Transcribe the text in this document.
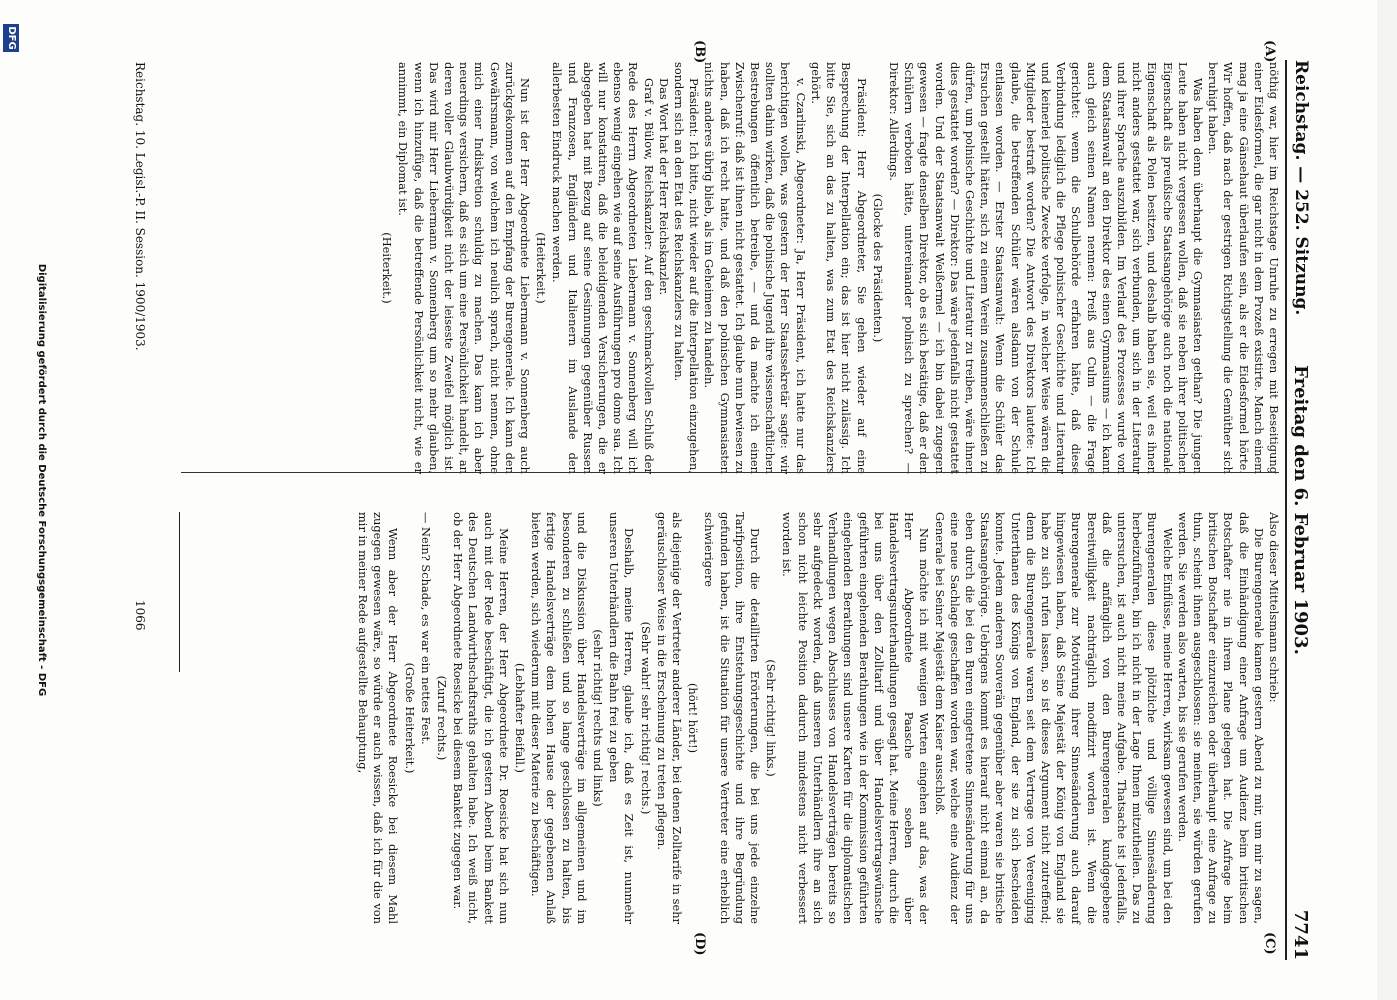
Reichstag. — 252. Sitzung.
Freitag den 6. Februar 1903.
7741
(A)
(B)
(C)
(D)

nöthig war, hier im Reichstage Unruhe zu erregen mit Beseitigung einer Eidesformel, die gar nicht in dem Prozeß existirte. Manch einem mag ja eine Gänsehaut überlaufen sein, als er die Eidesformel hörte. Wir hoffen, daß nach der gestrigen Richtigstellung die Gemüther sich beruhigt haben.

Was haben denn überhaupt die Gymnasiasten gethan? Die jungen Leute haben nicht vergessen wollen, daß sie neben ihrer politischen Eigenschaft als preußische Staatsangehörige auch noch die nationale Eigenschaft als Polen besitzen, und deshalb haben sie, weil es ihnen nicht anders gestattet war, sich verbunden, um sich in der Literatur und ihrer Sprache auszubilden. Im Verlauf des Prozesses wurde von dem Staatsanwalt an den Direktor des einen Gymnasiums — ich kann auch gleich seinen Namen nennen: Preiß aus Culm — die Frage gerichtet: wenn die Schulbehörde erfahren hätte, daß diese Verbindung lediglich die Pflege polnischer Geschichte und Literatur und keinerlei politische Zwecke verfolge, in welcher Weise wären die Mitglieder bestraft worden? Die Antwort des Direktors lautete: Ich glaube, die betreffenden Schüler wären alsdann von der Schule entlassen worden. — Erster Staatsanwalt: Wenn die Schüler das Ersuchen gestellt hätten, sich zu einem Verein zusammenschließen zu dürfen, um polnische Geschichte und Literatur zu treiben, wäre ihnen dies gestattet worden? — Direktor: Das wäre jedenfalls nicht gestattet worden. Und der Staatsanwalt Weißermel — ich bin dabei zugegen gewesen — fragte denselben Direktor, ob es sich bestätige, daß er den Schülern verboten hätte, untereinander polnisch zu sprechen? — Direktor: Allerdings.

(Glocke des Präsidenten.)

Präsident: Herr Abgeordneter, Sie gehen wieder auf eine Besprechung der Interpellation ein; das ist hier nicht zulässig. Ich bitte Sie, sich an das zu halten, was zum Etat des Reichskanzlers gehört.

v. Czarlinski, Abgeordneter: Ja, Herr Präsident, ich hatte nur das berichtigen wollen, was gestern der Herr Staatssekretär sagte: wir sollten dahin wirken, daß die polnische Jugend ihre wissenschaftlichen Bestrebungen öffentlich betreibe, — und da machte ich einen Zwischenruf: daß ist ihnen nicht gestattet. Ich glaube nun bewiesen zu haben, daß ich recht hatte, und daß den polnischen Gymnasiasten nichts anderes übrig blieb, als im Geheimen zu handeln.

Präsident: Ich bitte, nicht wieder auf die Interpellation einzugehen, sondern sich an den Etat des Reichskanzlers zu halten.

Das Wort hat der Herr Reichskanzler.

Graf v. Bülow, Reichskanzler: Auf den geschmackvollen Schluß der Rede des Herrn Abgeordneten Liebermann v. Sonnenberg will ich ebenso wenig eingehen wie auf seine Ausführungen pro domo sua. Ich will nur konstatiren, daß die beleidigenden Versicherungen, die er abgegeben hat mit Bezug auf seine Gesinnungen gegenüber Russen und Franzosen, Engländern und Italienern im Auslande den allerbesten Eindruck machen werden.

(Heiterkeit.)

Nun ist der Herr Abgeordnete Liebermann v. Sonnenberg auch zurückgekommen auf den Empfang der Burengenerale. Ich kann den Gewährsmann, von welchem ich neulich sprach, nicht nennen, ohne mich einer Indiskretion schuldig zu machen. Das kann ich aber neuerdings versichern, daß es sich um eine Persönlichkeit handelt, an deren voller Glaubwürdigkeit nicht der leiseste Zweifel möglich ist. Das wird mir Herr Liebermann v. Sonnenberg um so mehr glauben, wenn ich hinzufüge, daß die betreffende Persönlichkeit nicht, wie er annimmt, ein Diplomat ist.

(Heiterkeit.)

Also dieser Mittelsmann schrieb:

Die Burengenerale kamen gestern Abend zu mir, um mir zu sagen, daß die Einhändigung einer Anfrage um Audienz beim britischen Botschafter nie in ihrem Plane gelegen hat. Die Anfrage beim britischen Botschafter einzureichen oder überhaupt eine Anfrage zu thun, scheint ihnen ausgeschlossen: sie meinten, sie würden gerufen werden. Sie werden also warten, bis sie gerufen werden.

Welche Einflüsse, meine Herren, wirksam gewesen sind, um bei den Burengeneralen diese plötzliche und völlige Sinnesänderung herbeizuführen, bin ich nicht in der Lage Ihnen mitzutheilen. Das zu untersuchen, ist auch nicht meine Aufgabe. Thatsache ist jedenfalls, daß die anfänglich von den Burengeneralen kundgegebene Bereitwilligkeit nachträglich modifizirt worden ist. Wenn die Burengenerale zur Motivirung ihrer Sinnesänderung auch darauf hingewiesen haben, daß Seine Majestät der König von England sie habe zu sich rufen lassen, so ist dieses Argument nicht zutreffend; denn die Burengenerale waren seit dem Vertrage von Vereeniging Unterthanen des Königs von England, der sie zu sich bescheiden konnte. Jedem anderen Souverän gegenüber aber waren sie britische Staatsangehörige. Uebrigens kommt es hierauf nicht einmal an, da eben durch die bei den Buren eingetretene Sinnesänderung für uns eine neue Sachlage geschaffen worden war, welche eine Audienz der Generale bei Seiner Majestät dem Kaiser ausschloß.

Nun möchte ich mit wenigen Worten eingehen auf das, was der Herr Abgeordnete Paasche soeben über Handelsvertragsunterhandlungen gesagt hat. Meine Herren, durch die bei uns über den Zolltarif und über Handelsvertragswünsche geführten eingehenden Berathungen wie in der Kommission geführten eingehenden Berathungen sind unsere Karten für die diplomatischen Verhandlungen wegen Abschlusses von Handelsverträgen bereits so sehr aufgedeckt worden, daß unseren Unterhändlern ihre an sich schon nicht leichte Position dadurch mindestens nicht verbessert worden ist.

(Sehr richtig! links.)

Durch die detaillirten Erörterungen, die bei uns jede einzelne Tarifposition, ihre Entstehungsgeschichte und ihre Begründung gefunden haben, ist die Situation für unsere Vertreter eine erheblich schwierigere

(hört! hört!)

als diejenige der Vertreter anderer Länder, bei denen Zolltarife in sehr geräuschloser Weise in die Erscheinung zu treten pflegen.

(Sehr wahr! sehr richtig! rechts.)

Deshalb, meine Herren, glaube ich, daß es Zeit ist, nunmehr unseren Unterhändlern die Bahn frei zu geben

(sehr richtig! rechts und links)

und die Diskussion über Handelsverträge im allgemeinen und im besonderen zu schließen und so lange geschlossen zu halten, bis fertige Handelsverträge dem hohen Hause der gegebenen Anlaß bieten werden, sich wiederum mit dieser Materie zu beschäftigen.

(Lebhafter Beifall.)

Meine Herren, der Herr Abgeordnete Dr. Roesicke hat sich nun auch mit der Rede beschäftigt, die ich gestern Abend beim Bankett des Deutschen Landwirthschaftsraths gehalten habe. Ich weiß nicht, ob der Herr Abgeordnete Roesicke bei diesem Bankett zugegen war.

(Zuruf rechts.)

— Nein? Schade, es war ein nettes Fest.

(Große Heiterkeit.)

Wenn aber der Herr Abgeordnete Roesicke bei diesem Mahl zugegen gewesen wäre, so würde er auch wissen, daß ich für die von mir in meiner Rede aufgestellte Behauptung,

Reichstag. 10. Legisl.-P. II. Session. 1900/1903.
1066
Digitalisierung gefördert durch die Deutsche Forschungsgemeinschaft - DFG
DFG
